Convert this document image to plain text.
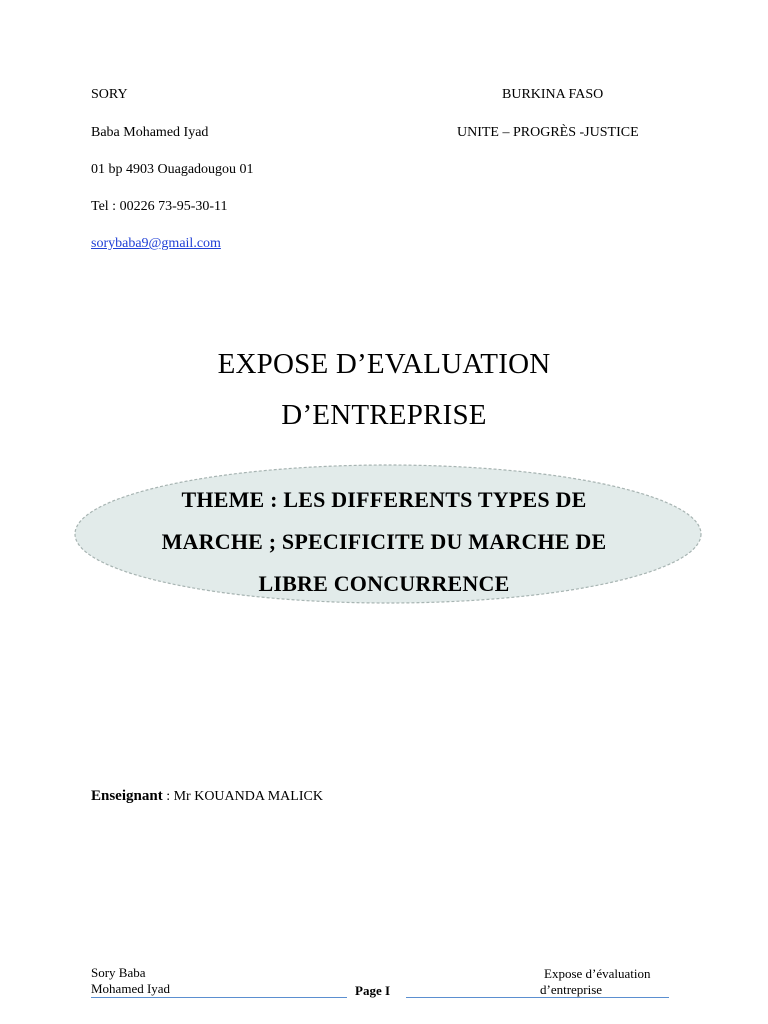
SORY
Baba Mohamed Iyad
01 bp 4903 Ouagadougou 01
Tel : 00226 73-95-30-11
sorybaba9@gmail.com
BURKINA FASO
UNITE – PROGRÈS -JUSTICE
EXPOSE D’EVALUATION
D’ENTREPRISE
THEME : LES DIFFERENTS TYPES DE
MARCHE ; SPECIFICITE DU MARCHE DE
LIBRE CONCURRENCE
Enseignant : Mr KOUANDA MALICK
Sory Baba
Mohamed Iyad	Page I
Expose d’évaluation
d’entreprise
